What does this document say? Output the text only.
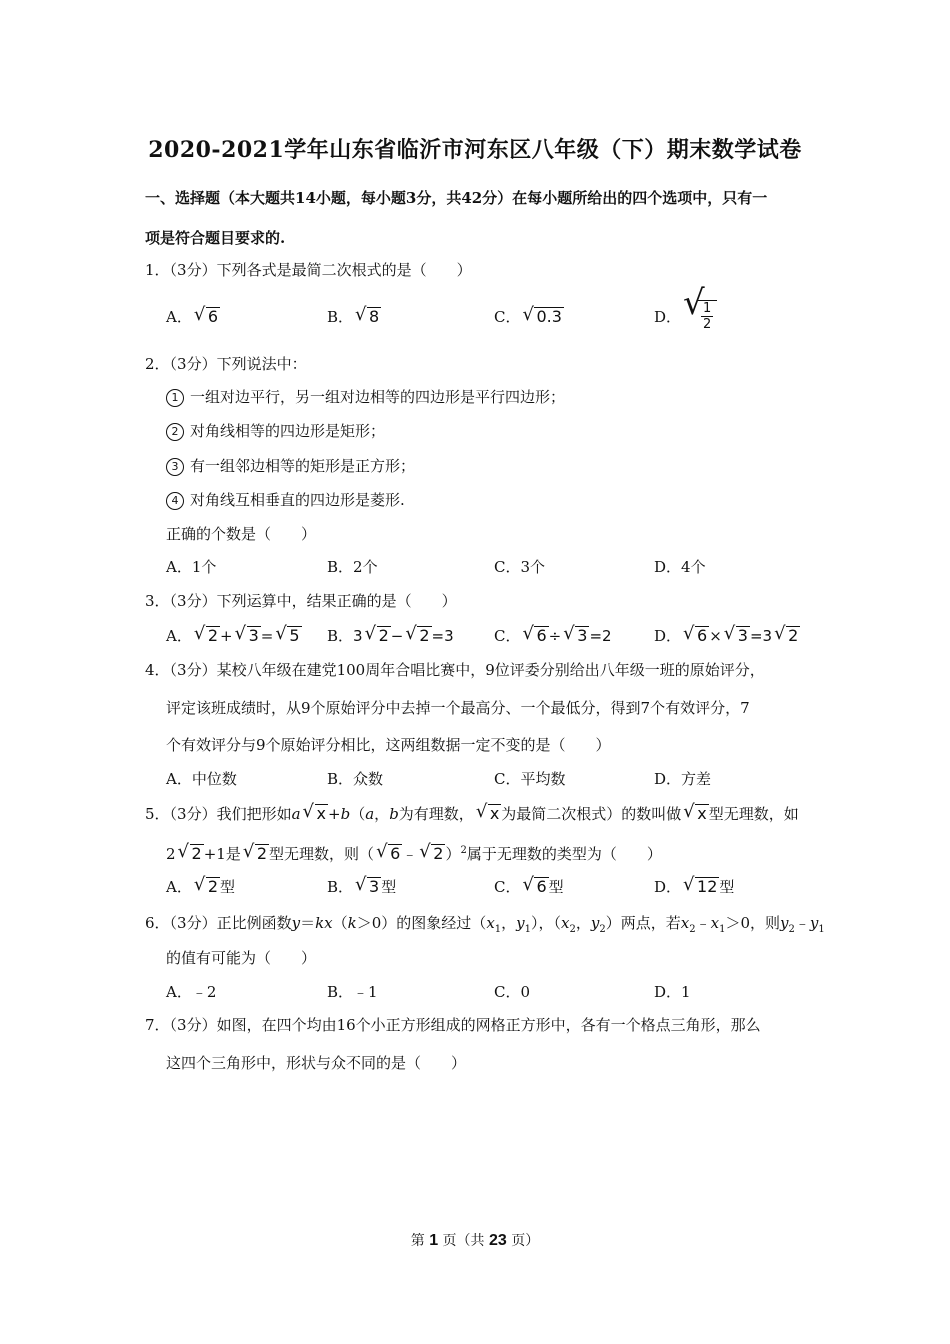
2020-2021学年山东省临沂市河东区八年级（下）期末数学试卷
一、选择题（本大题共14小题，每小题3分，共42分）在每小题所给出的四个选项中，只有一
项是符合题目要求的.
1．（3分）下列各式是最简二次根式的是（　　）
A． √ 6	B． √ 8	C． √ 0.3	D． √ $\frac{1}{2}$
2．（3分）下列说法中：
1 一组对边平行，另一组对边相等的四边形是平行四边形；
2 对角线相等的四边形是矩形；
3 有一组邻边相等的矩形是正方形；
4 对角线互相垂直的四边形是菱形.
正确的个数是（　　）
A．1个	B．2个	C．3个	D．4个
3．（3分）下列运算中，结果正确的是（　　）
A． √ 2 + √ 3 = √ 5 B．3 √ 2 − √ 2 =3	C． √ 6 ÷ √ 3 =2	D． √ 6 × √ 3 =3 √ 2
4．（3分）某校八年级在建党100周年合唱比赛中，9位评委分别给出八年级一班的原始评分，
评定该班成绩时，从9个原始评分中去掉一个最高分、一个最低分，得到7个有效评分，7
个有效评分与9个原始评分相比，这两组数据一定不变的是（　　）
A．中位数	B．众数	C．平均数	D．方差
5．（3分）我们把形如a √ x +b（a，b为有理数， √ x 为最简二次根式）的数叫做 √ x 型无理数，如
2 √ 2 +1是 √ 2 型无理数，则（ √ 6 ﹣ √ 2 ）$^2$属于无理数的类型为（　　）
A． √ 2 型	B． √ 3 型	C． √ 6 型	D． √ 12 型
6．（3分）正比例函数y＝kx（k＞0）的图象经过（$x_1$，$y_1$），（$x_2$，$y_2$）两点，若$x_2﹣x_1>0$，则$y_2﹣y_1$
的值有可能为（　　）
A．﹣2	B．﹣1	C．0	D．1
7．（3分）如图，在四个均由16个小正方形组成的网格正方形中，各有一个格点三角形，那么
这四个三角形中，形状与众不同的是（　　）
第 1 页（共 23 页）
